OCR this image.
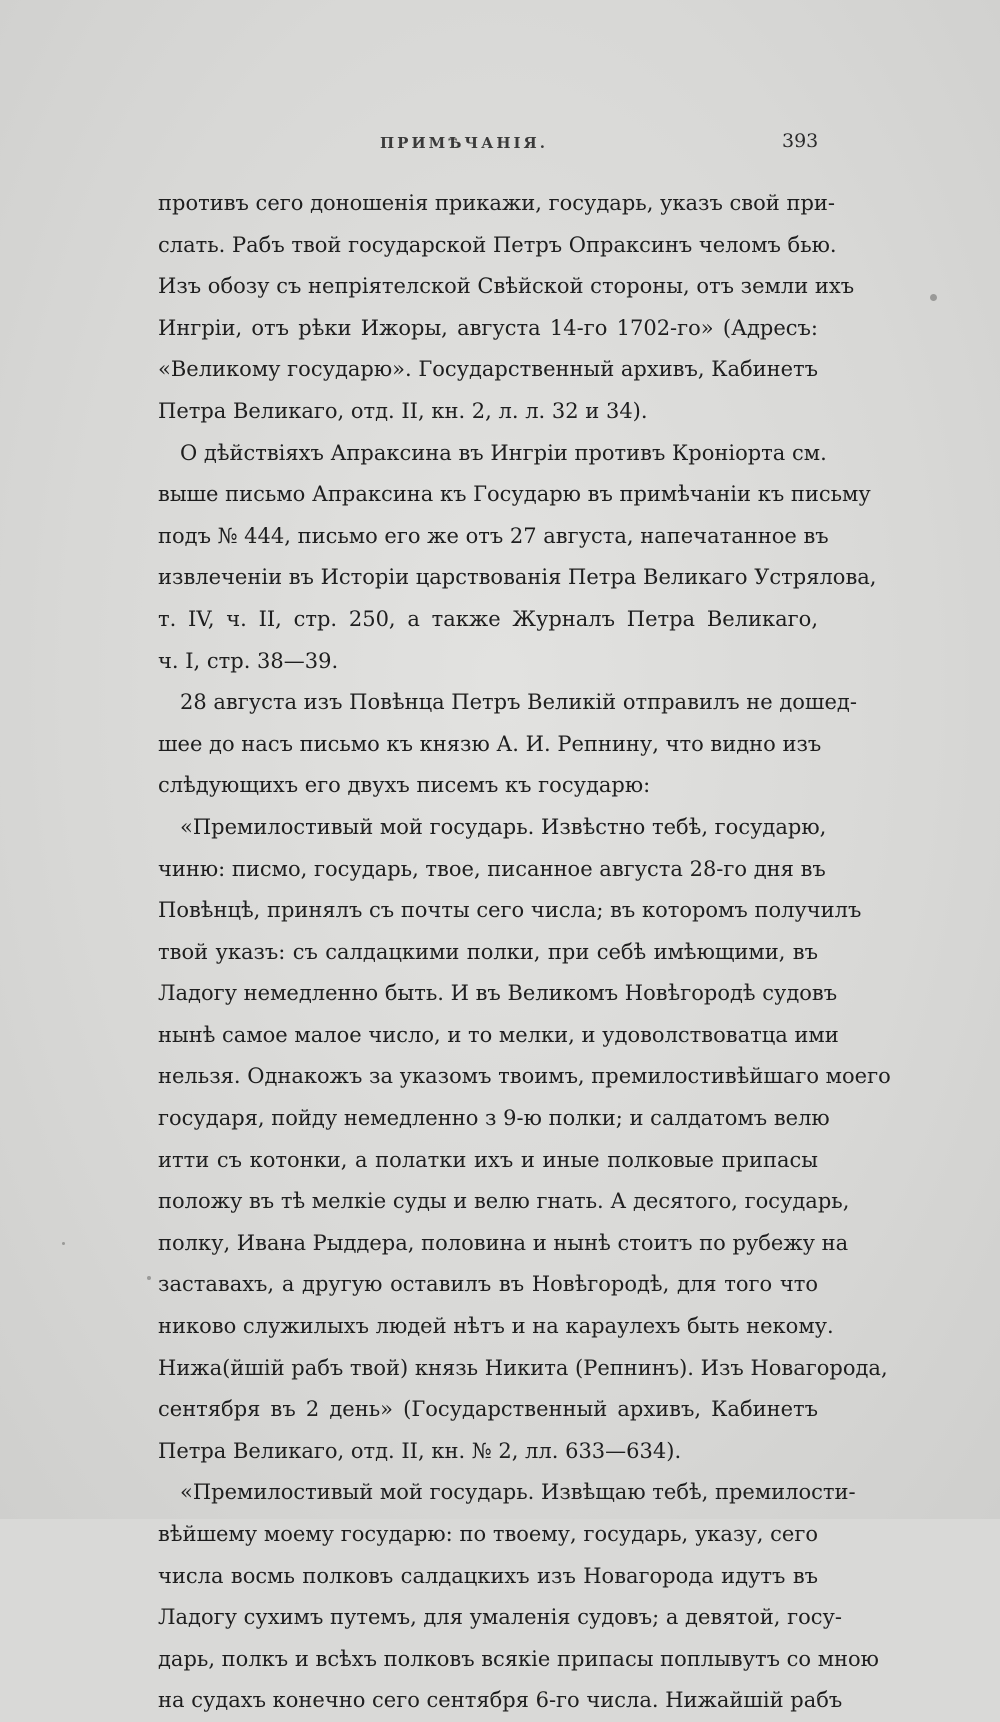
ПРИМѢЧАНІЯ.	393
противъ сего доношенія прикажи, государь, указъ свой при-
слать. Рабъ твой государской Петръ Опраксинъ челомъ бью.
Изъ обозу съ непріятелской Свѣйской стороны, отъ земли ихъ
Ингріи, отъ рѣки Ижоры, августа 14-го 1702-го» (Адресъ:
«Великому государю». Государственный архивъ, Кабинетъ
Петра Великаго, отд. II, кн. 2, л. л. 32 и 34).
О дѣйствіяхъ Апраксина въ Ингріи противъ Кроніорта см.
выше письмо Апраксина къ Государю въ примѣчаніи къ письму
подъ № 444, письмо его же отъ 27 августа, напечатанное въ
извлеченіи въ Исторіи царствованія Петра Великаго Устрялова,
т. IV, ч. II, стр. 250, а также Журналъ Петра Великаго,
ч. I, стр. 38—39.
28 августа изъ Повѣнца Петръ Великій отправилъ не дошед-
шее до насъ письмо къ князю А. И. Репнину, что видно изъ
слѣдующихъ его двухъ писемъ къ государю:
«Премилостивый мой государь. Извѣстно тебѣ, государю,
чиню: писмо, государь, твое, писанное августа 28-го дня въ
Повѣнцѣ, принялъ съ почты сего числа; въ которомъ получилъ
твой указъ: съ салдацкими полки, при себѣ имѣющими, въ
Ладогу немедленно быть. И въ Великомъ Новѣгородѣ судовъ
нынѣ самое малое число, и то мелки, и удоволствоватца ими
нельзя. Однакожъ за указомъ твоимъ, премилостивѣйшаго моего
государя, пойду немедленно з 9-ю полки; и салдатомъ велю
итти съ котонки, а полатки ихъ и иные полковые припасы
положу въ тѣ мелкіе суды и велю гнать. А десятого, государь,
полку, Ивана Рыддера, половина и нынѣ стоитъ по рубежу на
заставахъ, а другую оставилъ въ Новѣгородѣ, для того что
никово служилыхъ людей нѣтъ и на караулехъ быть некому.
Нижа(йшій рабъ твой) князь Никита (Репнинъ). Изъ Новагорода,
сентября въ 2 день» (Государственный архивъ, Кабинетъ
Петра Великаго, отд. II, кн. № 2, лл. 633—634).
«Премилостивый мой государь. Извѣщаю тебѣ, премилости-
вѣйшему моему государю: по твоему, государь, указу, сего
числа восмь полковъ салдацкихъ изъ Новагорода идутъ въ
Ладогу сухимъ путемъ, для умаленія судовъ; а девятой, госу-
дарь, полкъ и всѣхъ полковъ всякіе припасы поплывутъ со мною
на судахъ конечно сего сентября 6-го числа. Нижайшій рабъ
